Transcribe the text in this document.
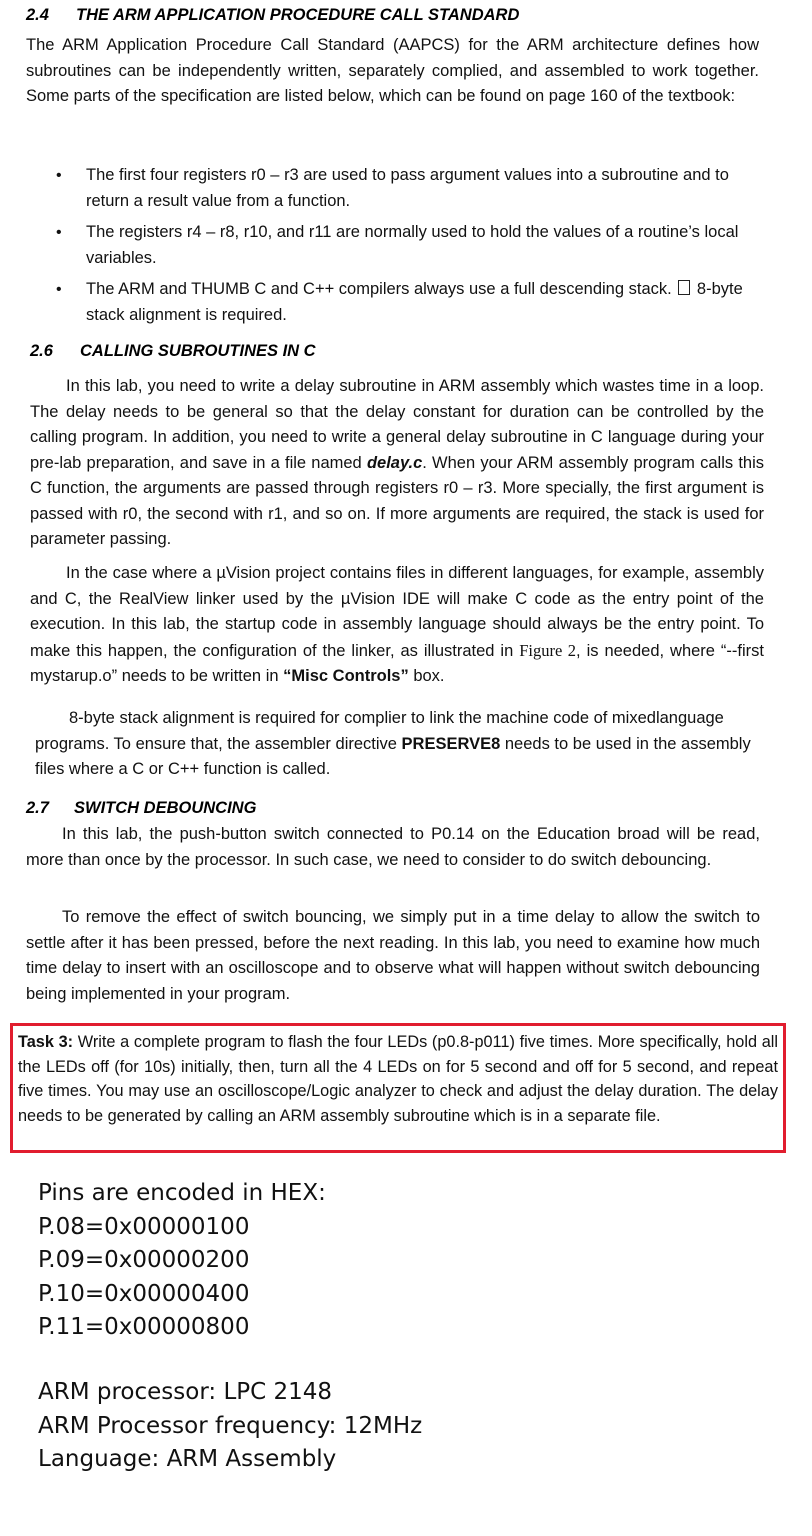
2.4 THE ARM APPLICATION PROCEDURE CALL STANDARD

The ARM Application Procedure Call Standard (AAPCS) for the ARM architecture defines how subroutines can be independently written, separately complied, and assembled to work together. Some parts of the specification are listed below, which can be found on page 160 of the textbook:

• The first four registers r0 – r3 are used to pass argument values into a subroutine and to return a result value from a function.
• The registers r4 – r8, r10, and r11 are normally used to hold the values of a routine’s local variables.
• The ARM and THUMB C and C++ compilers always use a full descending stack. 8-byte stack alignment is required.
2.6 CALLING SUBROUTINES IN C

In this lab, you need to write a delay subroutine in ARM assembly which wastes time in a loop. The delay needs to be general so that the delay constant for duration can be controlled by the calling program. In addition, you need to write a general delay subroutine in C language during your pre-lab preparation, and save in a file named delay.c. When your ARM assembly program calls this C function, the arguments are passed through registers r0 – r3. More specially, the first argument is passed with r0, the second with r1, and so on. If more arguments are required, the stack is used for parameter passing.

In the case where a µVision project contains files in different languages, for example, assembly and C, the RealView linker used by the µVision IDE will make C code as the entry point of the execution. In this lab, the startup code in assembly language should always be the entry point. To make this happen, the configuration of the linker, as illustrated in Figure 2, is needed, where “--first mystarup.o” needs to be written in “Misc Controls” box.

8-byte stack alignment is required for complier to link the machine code of mixedlanguage programs. To ensure that, the assembler directive PRESERVE8 needs to be used in the assembly files where a C or C++ function is called.

2.7 SWITCH DEBOUNCING

In this lab, the push-button switch connected to P0.14 on the Education broad will be read, more than once by the processor. In such case, we need to consider to do switch debouncing.

To remove the effect of switch bouncing, we simply put in a time delay to allow the switch to settle after it has been pressed, before the next reading. In this lab, you need to examine how much time delay to insert with an oscilloscope and to observe what will happen without switch debouncing being implemented in your program.

Task 3: Write a complete program to flash the four LEDs (p0.8-p011) five times. More specifically, hold all the LEDs off (for 10s) initially, then, turn all the 4 LEDs on for 5 second and off for 5 second, and repeat five times. You may use an oscilloscope/Logic analyzer to check and adjust the delay duration. The delay needs to be generated by calling an ARM assembly subroutine which is in a separate file.
Pins are encoded in HEX:
P.08=0x00000100
P.09=0x00000200
P.10=0x00000400
P.11=0x00000800
ARM processor: LPC 2148
ARM Processor frequency: 12MHz
Language: ARM Assembly
